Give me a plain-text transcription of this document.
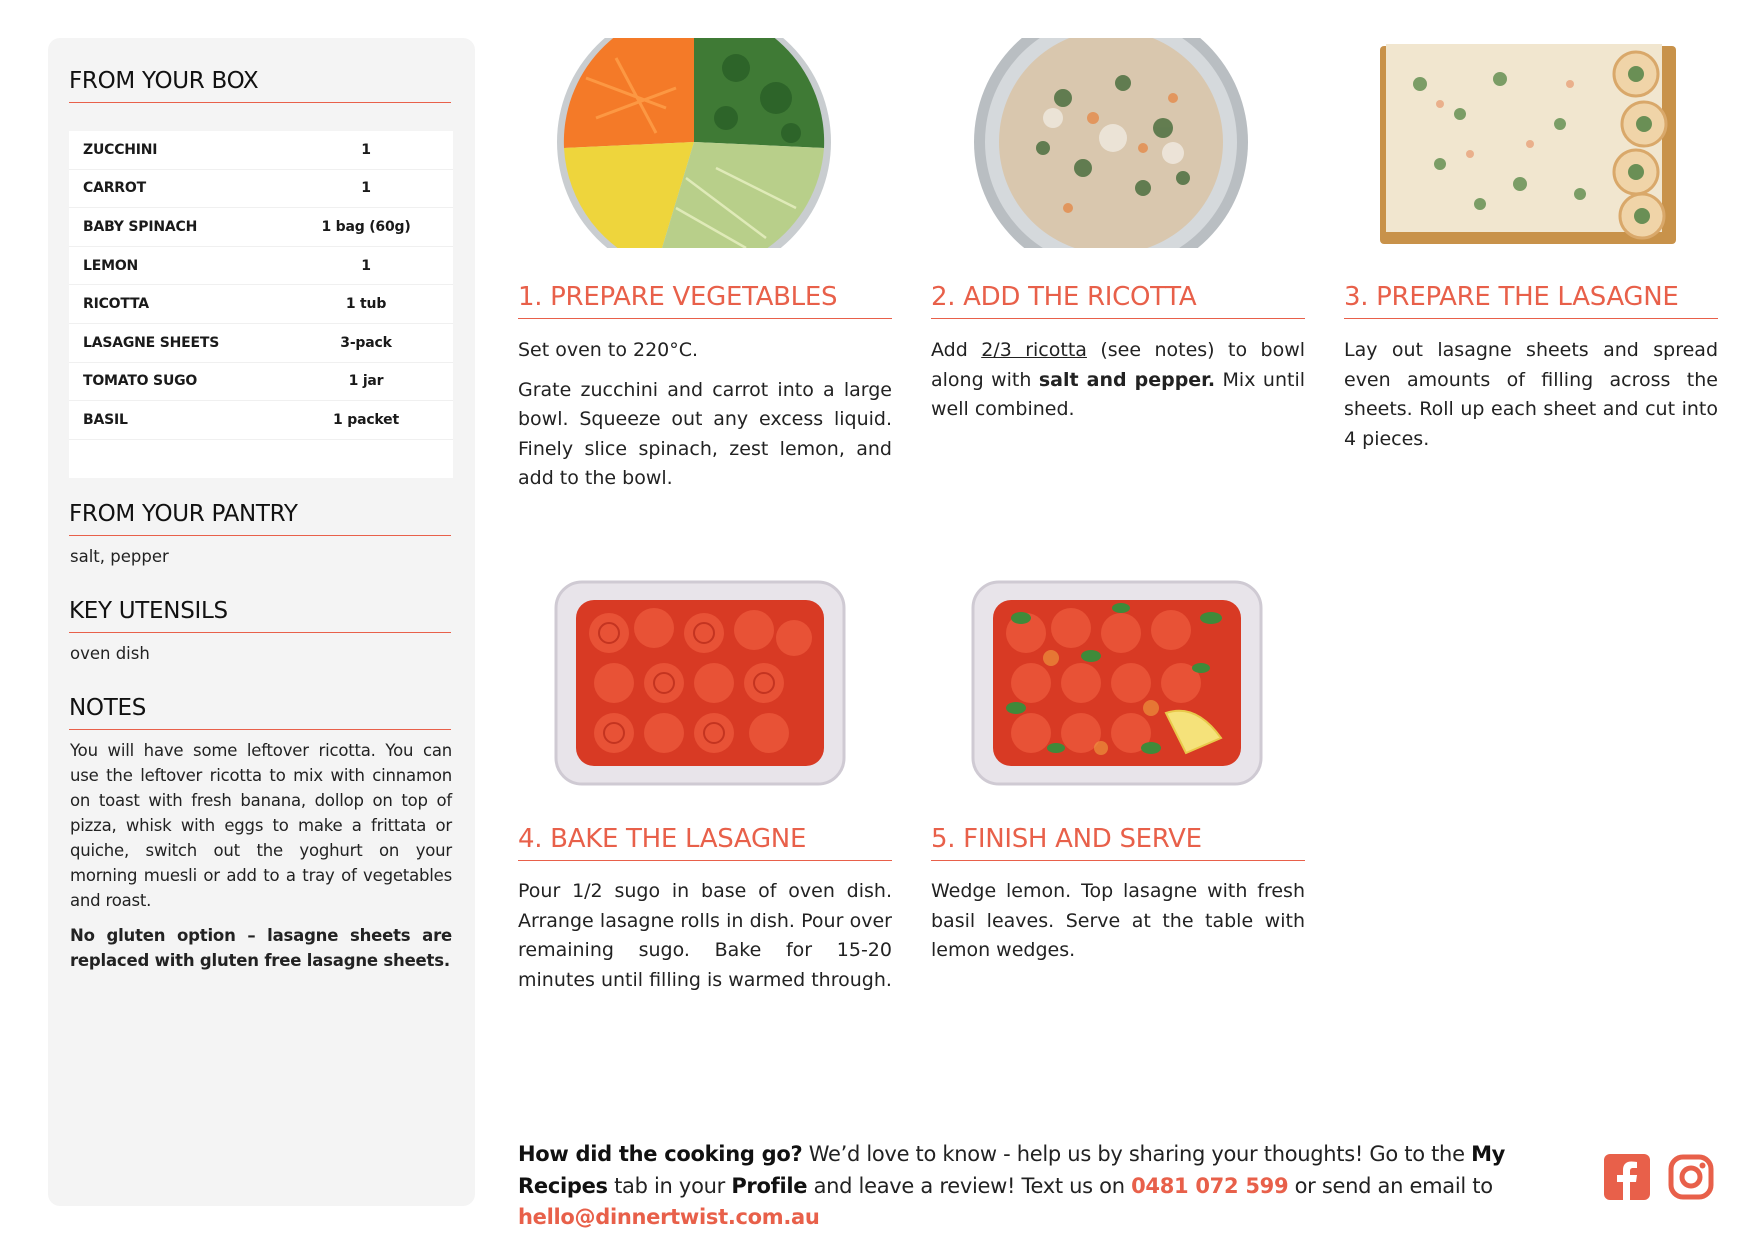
FROM YOUR BOX
ZUCCHINI	1
CARROT	1
BABY SPINACH	1 bag (60g)
LEMON	1
RICOTTA	1 tub
LASAGNE SHEETS	3-pack
TOMATO SUGO	1 jar
BASIL	1 packet
FROM YOUR PANTRY
salt, pepper
KEY UTENSILS
oven dish
NOTES

You will have some leftover ricotta. You can use the leftover ricotta to mix with cinnamon on toast with fresh banana, dollop on top of pizza, whisk with eggs to make a frittata or quiche, switch out the yoghurt on your morning muesli or add to a tray of vegetables and roast.

No gluten option – lasagne sheets are replaced with gluten free lasagne sheets.

1. PREPARE VEGETABLES

Set oven to 220°C.

Grate zucchini and carrot into a large bowl. Squeeze out any excess liquid. Finely slice spinach, zest lemon, and add to the bowl.

2. ADD THE RICOTTA

Add 2/3 ricotta (see notes) to bowl along with salt and pepper. Mix until well combined.

3. PREPARE THE LASAGNE

Lay out lasagne sheets and spread even amounts of filling across the sheets. Roll up each sheet and cut into 4 pieces.

4. BAKE THE LASAGNE

Pour 1/2 sugo in base of oven dish. Arrange lasagne rolls in dish. Pour over remaining sugo. Bake for 15-20 minutes until filling is warmed through.

5. FINISH AND SERVE

Wedge lemon. Top lasagne with fresh basil leaves. Serve at the table with lemon wedges.

How did the cooking go? We’d love to know - help us by sharing your thoughts! Go to the My Recipes tab in your Profile and leave a review! Text us on 0481 072 599 or send an email to hello@dinnertwist.com.au
